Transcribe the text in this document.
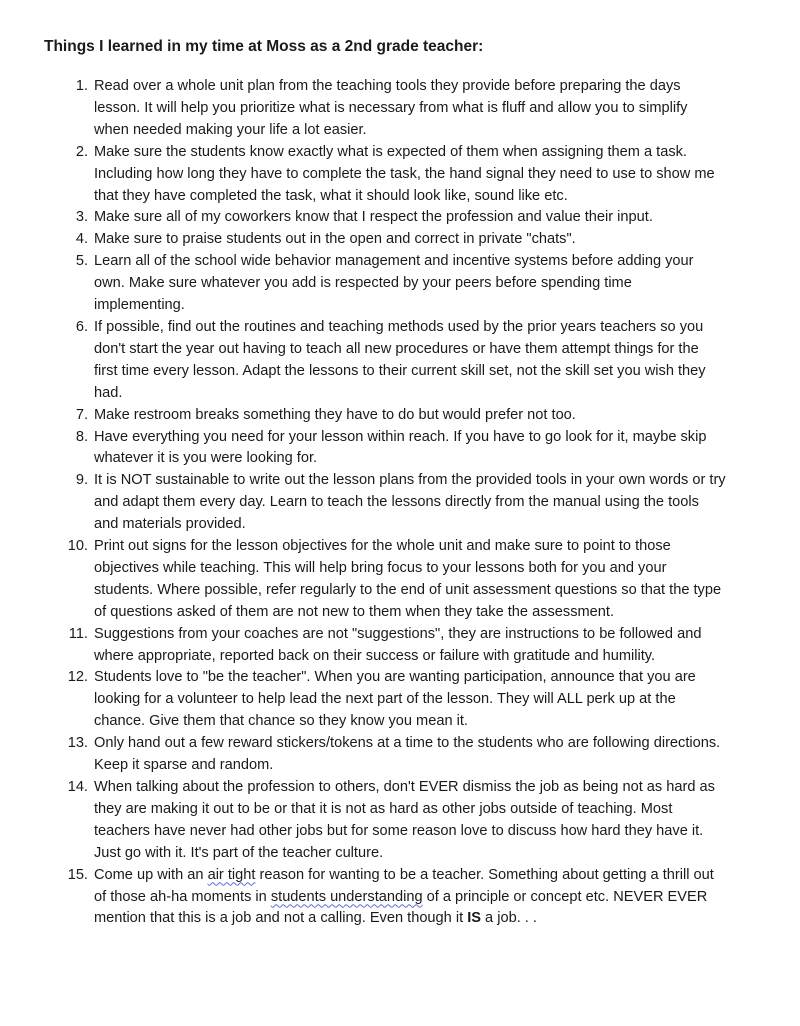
Things I learned in my time at Moss as a 2nd grade teacher:
1. Read over a whole unit plan from the teaching tools they provide before preparing the days lesson. It will help you prioritize what is necessary from what is fluff and allow you to simplify when needed making your life a lot easier.
2. Make sure the students know exactly what is expected of them when assigning them a task. Including how long they have to complete the task, the hand signal they need to use to show me that they have completed the task, what it should look like, sound like etc.
3. Make sure all of my coworkers know that I respect the profession and value their input.
4. Make sure to praise students out in the open and correct in private "chats".
5. Learn all of the school wide behavior management and incentive systems before adding your own. Make sure whatever you add is respected by your peers before spending time implementing.
6. If possible, find out the routines and teaching methods used by the prior years teachers so you don't start the year out having to teach all new procedures or have them attempt things for the first time every lesson. Adapt the lessons to their current skill set, not the skill set you wish they had.
7. Make restroom breaks something they have to do but would prefer not too.
8. Have everything you need for your lesson within reach. If you have to go look for it, maybe skip whatever it is you were looking for.
9. It is NOT sustainable to write out the lesson plans from the provided tools in your own words or try and adapt them every day. Learn to teach the lessons directly from the manual using the tools and materials provided.
10. Print out signs for the lesson objectives for the whole unit and make sure to point to those objectives while teaching. This will help bring focus to your lessons both for you and your students. Where possible, refer regularly to the end of unit assessment questions so that the type of questions asked of them are not new to them when they take the assessment.
11. Suggestions from your coaches are not "suggestions", they are instructions to be followed and where appropriate, reported back on their success or failure with gratitude and humility.
12. Students love to "be the teacher". When you are wanting participation, announce that you are looking for a volunteer to help lead the next part of the lesson. They will ALL perk up at the chance. Give them that chance so they know you mean it.
13. Only hand out a few reward stickers/tokens at a time to the students who are following directions. Keep it sparse and random.
14. When talking about the profession to others, don't EVER dismiss the job as being not as hard as they are making it out to be or that it is not as hard as other jobs outside of teaching. Most teachers have never had other jobs but for some reason love to discuss how hard they have it. Just go with it. It's part of the teacher culture.
15. Come up with an air tight reason for wanting to be a teacher. Something about getting a thrill out of those ah-ha moments in students understanding of a principle or concept etc. NEVER EVER mention that this is a job and not a calling. Even though it IS a job. . .
